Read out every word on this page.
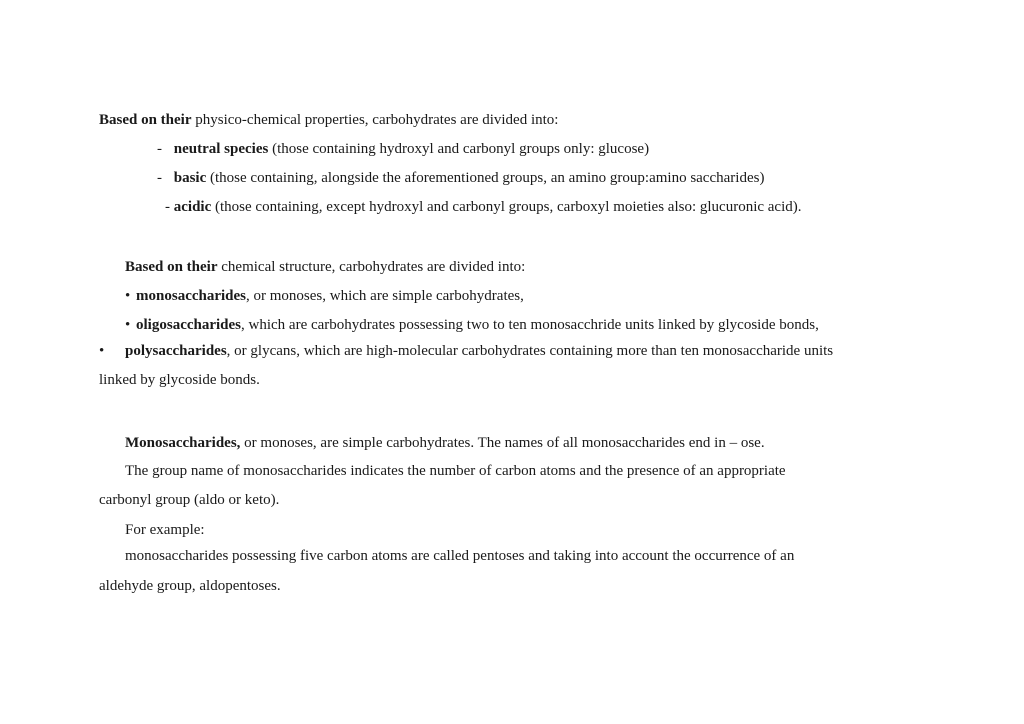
Based on their physico-chemical properties, carbohydrates are divided into:
- neutral species (those containing hydroxyl and carbonyl groups only: glucose)
- basic (those containing, alongside the aforementioned groups, an amino group:amino saccharides)
- acidic (those containing, except hydroxyl and carbonyl groups, carboxyl moieties also: glucuronic acid).
Based on their chemical structure, carbohydrates are divided into:
• monosaccharides, or monoses, which are simple carbohydrates,
• oligosaccharides, which are carbohydrates possessing two to ten monosacchride units linked by glycoside bonds,
• polysaccharides, or glycans, which are high-molecular carbohydrates containing more than ten monosaccharide units
linked by glycoside bonds.
Monosaccharides, or monoses, are simple carbohydrates. The names of all monosaccharides end in – ose.
The group name of monosaccharides indicates the number of carbon atoms and the presence of an appropriate
carbonyl group (aldo or keto).
For example:
monosaccharides possessing five carbon atoms are called pentoses and taking into account the occurrence of an
aldehyde group, aldopentoses.
